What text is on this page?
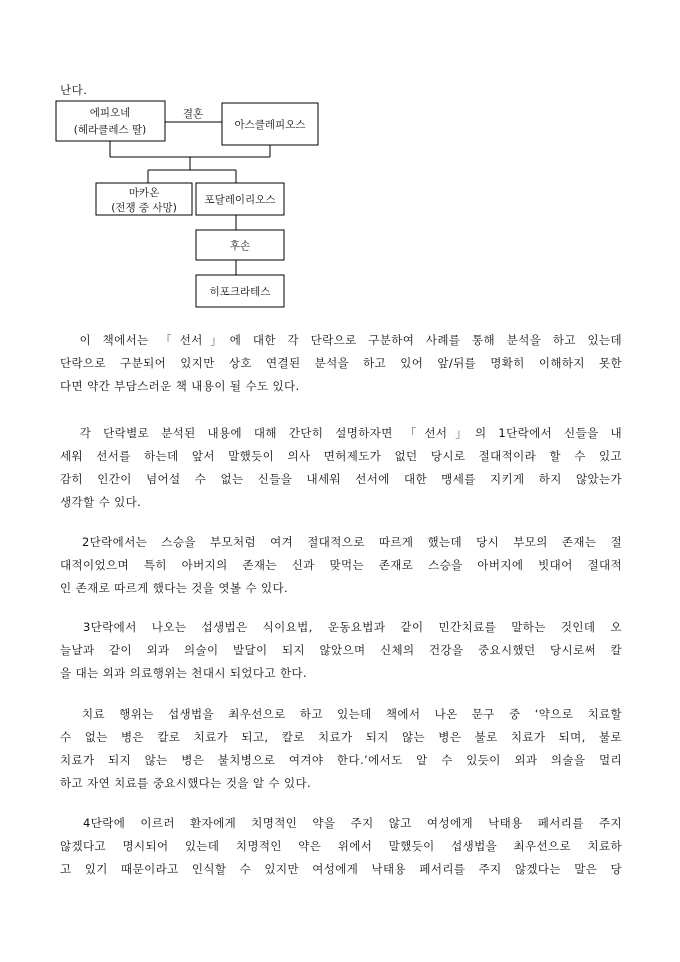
난다.
에피오네
(헤라클레스 딸)
결혼
아스클레피오스
마카온
(전쟁 중 사망)
포달레이리오스
후손
히포크라테스
　이 책에서는 「선서」에 대한 각 단락으로 구분하여 사례를 통해 분석을 하고 있는데
단락으로 구분되어 있지만 상호 연결된 분석을 하고 있어 앞/뒤를 명확히 이해하지 못한
다면 약간 부담스러운 책 내용이 될 수도 있다.
　각 단락별로 분석된 내용에 대해 간단히 설명하자면 「선서」의 1단락에서 신들을 내
세워 선서를 하는데 앞서 말했듯이 의사 면허제도가 없던 당시로 절대적이라 할 수 있고
감히 인간이 넘어설 수 없는 신들을 내세워 선서에 대한 맹세를 지키게 하지 않았는가
생각할 수 있다.
　2단락에서는 스승을 부모처럼 여겨 절대적으로 따르게 했는데 당시 부모의 존재는 절
대적이었으며 특히 아버지의 존재는 신과 맞먹는 존재로 스승을 아버지에 빗대어 절대적
인 존재로 따르게 했다는 것을 엿볼 수 있다.
　3단락에서 나오는 섭생법은 식이요법, 운동요법과 같이 민간치료를 말하는 것인데 오
늘날과 같이 외과 의술이 발달이 되지 않았으며 신체의 건강을 중요시했던 당시로써 칼
을 대는 외과 의료행위는 천대시 되었다고 한다.
　치료 행위는 섭생법을 최우선으로 하고 있는데 책에서 나온 문구 중 ‘약으로 치료할
수 없는 병은 칼로 치료가 되고, 칼로 치료가 되지 않는 병은 불로 치료가 되며, 불로
치료가 되지 않는 병은 불치병으로 여겨야 한다.’에서도 알 수 있듯이 외과 의술을 멀리
하고 자연 치료를 중요시했다는 것을 알 수 있다.
　4단락에 이르러 환자에게 치명적인 약을 주지 않고 여성에게 낙태용 페서리를 주지
않겠다고 명시되어 있는데 치명적인 약은 위에서 말했듯이 섭생법을 최우선으로 치료하
고 있기 때문이라고 인식할 수 있지만 여성에게 낙태용 페서리를 주지 않겠다는 말은 당
